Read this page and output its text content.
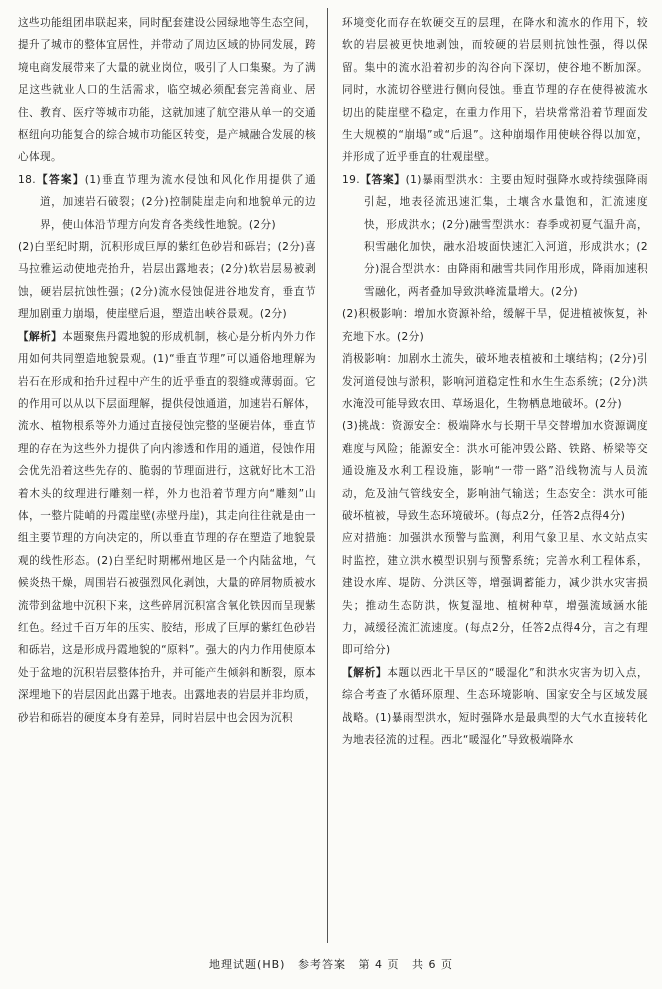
这些功能组团串联起来，同时配套建设公园绿地等生态空间，提升了城市的整体宜居性，并带动了周边区域的协同发展，跨境电商发展带来了大量的就业岗位，吸引了人口集聚。为了满足这些就业人口的生活需求，临空城必须配套完善商业、居住、教育、医疗等城市功能，这就加速了航空港从单一的交通枢纽向功能复合的综合城市功能区转变，是产城融合发展的核心体现。

18.【答案】(1)垂直节理为流水侵蚀和风化作用提供了通道，加速岩石破裂；(2分)控制陡崖走向和地貌单元的边界，使山体沿节理方向发育各类线性地貌。(2分)

(2)白垩纪时期，沉积形成巨厚的紫红色砂岩和砾岩；(2分)喜马拉雅运动使地壳抬升，岩层出露地表；(2分)软岩层易被剥蚀，硬岩层抗蚀性强；(2分)流水侵蚀促进谷地发育，垂直节理加剧重力崩塌，使崖壁后退，塑造出峡谷景观。(2分)

【解析】本题聚焦丹霞地貌的形成机制，核心是分析内外力作用如何共同塑造地貌景观。(1)“垂直节理”可以通俗地理解为岩石在形成和抬升过程中产生的近乎垂直的裂缝或薄弱面。它的作用可以从以下层面理解，提供侵蚀通道，加速岩石解体，流水、植物根系等外力通过直接侵蚀完整的坚硬岩体，垂直节理的存在为这些外力提供了向内渗透和作用的通道，侵蚀作用会优先沿着这些先存的、脆弱的节理面进行，这就好比木工沿着木头的纹理进行雕刻一样，外力也沿着节理方向“雕刻”山体，一整片陡峭的丹霞崖壁(赤壁丹崖)，其走向往往就是由一组主要节理的方向决定的，所以垂直节理的存在塑造了地貌景观的线性形态。(2)白垩纪时期郴州地区是一个内陆盆地，气候炎热干燥，周围岩石被强烈风化剥蚀，大量的碎屑物质被水流带到盆地中沉积下来，这些碎屑沉积富含氧化铁因而呈现紫红色。经过千百万年的压实、胶结，形成了巨厚的紫红色砂岩和砾岩，这是形成丹霞地貌的“原料”。强大的内力作用使原本处于盆地的沉积岩层整体抬升，并可能产生倾斜和断裂，原本深埋地下的岩层因此出露于地表。出露地表的岩层并非均质，砂岩和砾岩的硬度本身有差异，同时岩层中也会因为沉积

环境变化而存在软硬交互的层理，在降水和流水的作用下，较软的岩层被更快地剥蚀，而较硬的岩层则抗蚀性强，得以保留。集中的流水沿着初步的沟谷向下深切，使谷地不断加深。同时，水流切谷壁进行侧向侵蚀。垂直节理的存在使得被流水切出的陡崖壁不稳定，在重力作用下，岩块常常沿着节理面发生大规模的“崩塌”或“后退”。这种崩塌作用使峡谷得以加宽，并形成了近乎垂直的壮观崖壁。

19.【答案】(1)暴雨型洪水：主要由短时强降水或持续强降雨引起，地表径流迅速汇集，土壤含水量饱和，汇流速度快，形成洪水；(2分)融雪型洪水：春季或初夏气温升高，积雪融化加快，融水沿坡面快速汇入河道，形成洪水；(2分)混合型洪水：由降雨和融雪共同作用形成，降雨加速积雪融化，两者叠加导致洪峰流量增大。(2分)

(2)积极影响：增加水资源补给，缓解干旱，促进植被恢复，补充地下水。(2分)

消极影响：加剧水土流失，破坏地表植被和土壤结构；(2分)引发河道侵蚀与淤积，影响河道稳定性和水生生态系统；(2分)洪水淹没可能导致农田、草场退化，生物栖息地破坏。(2分)

(3)挑战：资源安全：极端降水与长期干旱交替增加水资源调度难度与风险；能源安全：洪水可能冲毁公路、铁路、桥梁等交通设施及水利工程设施，影响“一带一路”沿线物流与人员流动，危及油气管线安全，影响油气输送；生态安全：洪水可能破坏植被，导致生态环境破坏。(每点2分，任答2点得4分)

应对措施：加强洪水预警与监测，利用气象卫星、水文站点实时监控，建立洪水模型识别与预警系统；完善水利工程体系，建设水库、堤防、分洪区等，增强调蓄能力，减少洪水灾害损失；推动生态防洪，恢复湿地、植树种草，增强流域涵水能力，减缓径流汇流速度。(每点2分，任答2点得4分，言之有理即可给分)

【解析】本题以西北干旱区的“暖湿化”和洪水灾害为切入点，综合考查了水循环原理、生态环境影响、国家安全与区域发展战略。(1)暴雨型洪水，短时强降水是最典型的大气水直接转化为地表径流的过程。西北“暖湿化”导致极端降水

地理试题(HB) 参考答案 第 4 页 共 6 页
